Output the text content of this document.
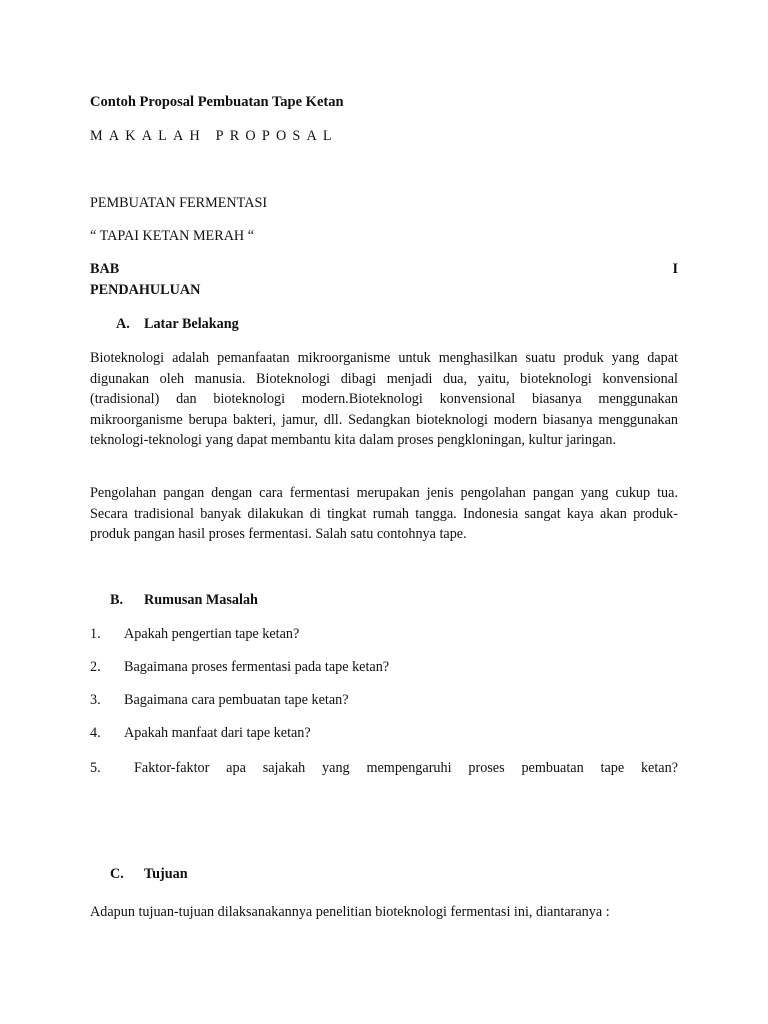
Contoh Proposal Pembuatan Tape Ketan
MAKALAH PROPOSAL
PEMBUATAN FERMENTASI
“ TAPAI KETAN MERAH “
BAB	I
PENDAHULUAN
A. Latar Belakang
Bioteknologi adalah pemanfaatan mikroorganisme untuk menghasilkan suatu produk yang dapat digunakan oleh manusia. Bioteknologi dibagi menjadi dua, yaitu, bioteknologi konvensional (tradisional) dan bioteknologi modern.Bioteknologi konvensional biasanya menggunakan mikroorganisme berupa bakteri, jamur, dll. Sedangkan bioteknologi modern biasanya menggunakan teknologi-teknologi yang dapat membantu kita dalam proses pengkloningan, kultur jaringan.
Pengolahan pangan dengan cara fermentasi merupakan jenis pengolahan pangan yang cukup tua. Secara tradisional banyak dilakukan di tingkat rumah tangga. Indonesia sangat kaya akan produk-produk pangan hasil proses fermentasi. Salah satu contohnya tape.
B. Rumusan Masalah
1.	Apakah pengertian tape ketan?
2.	Bagaimana proses fermentasi pada tape ketan?
3.	Bagaimana cara pembuatan tape ketan?
4.	Apakah manfaat dari tape ketan?
5.	Faktor-faktor apa sajakah yang mempengaruhi proses pembuatan tape ketan?
C. Tujuan
Adapun tujuan-tujuan dilaksanakannya penelitian bioteknologi fermentasi ini, diantaranya :
